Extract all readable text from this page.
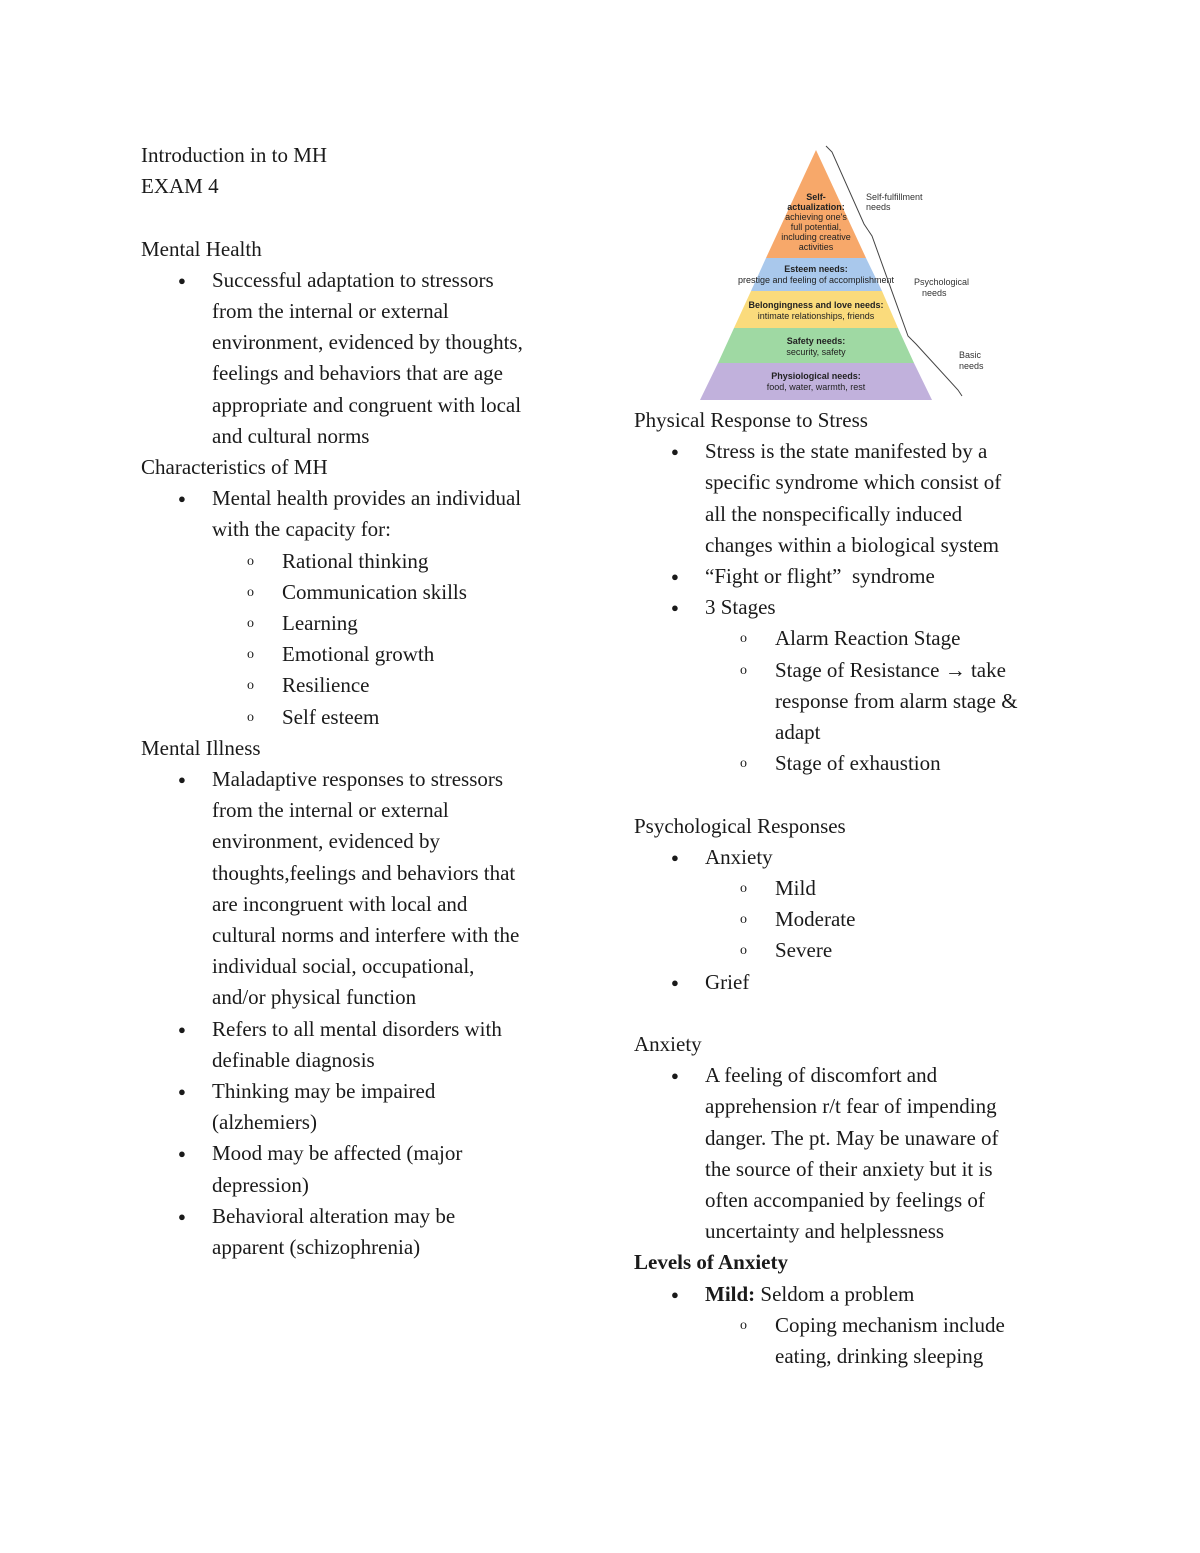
Introduction in to MH
EXAM 4
Mental Health
● Successful adaptation to stressors
from the internal or external
environment, evidenced by thoughts,
feelings and behaviors that are age
appropriate and congruent with local
and cultural norms
Characteristics of MH
● Mental health provides an individual
with the capacity for:
o Rational thinking
o Communication skills
o Learning
o Emotional growth
o Resilience
o Self esteem
Mental Illness
● Maladaptive responses to stressors
from the internal or external
environment, evidenced by
thoughts,feelings and behaviors that
are incongruent with local and
cultural norms and interfere with the
individual social, occupational,
and/or physical function
● Refers to all mental disorders with
definable diagnosis
● Thinking may be impaired
(alzhemiers)
● Mood may be affected (major
depression)
● Behavioral alteration may be
apparent (schizophrenia)
Self-
actualization:
achieving one's
full potential,
including creative
activities
Esteem needs:
prestige and feeling of accomplishment
Belongingness and love needs:
intimate relationships, friends
Safety needs:
security, safety
Physiological needs:
food, water, warmth, rest
Self-fulfillment
needs
Psychological
needs
Basic
needs
Physical Response to Stress
● Stress is the state manifested by a
specific syndrome which consist of
all the nonspecifically induced
changes within a biological system
● “Fight or flight”  syndrome
● 3 Stages
o Alarm Reaction Stage
o Stage of Resistance → take
response from alarm stage &
adapt
o Stage of exhaustion
Psychological Responses
● Anxiety
o Mild
o Moderate
o Severe
● Grief
Anxiety
● A feeling of discomfort and
apprehension r/t fear of impending
danger. The pt. May be unaware of
the source of their anxiety but it is
often accompanied by feelings of
uncertainty and helplessness
Levels of Anxiety
● Mild: Seldom a problem
o Coping mechanism include
eating, drinking sleeping
